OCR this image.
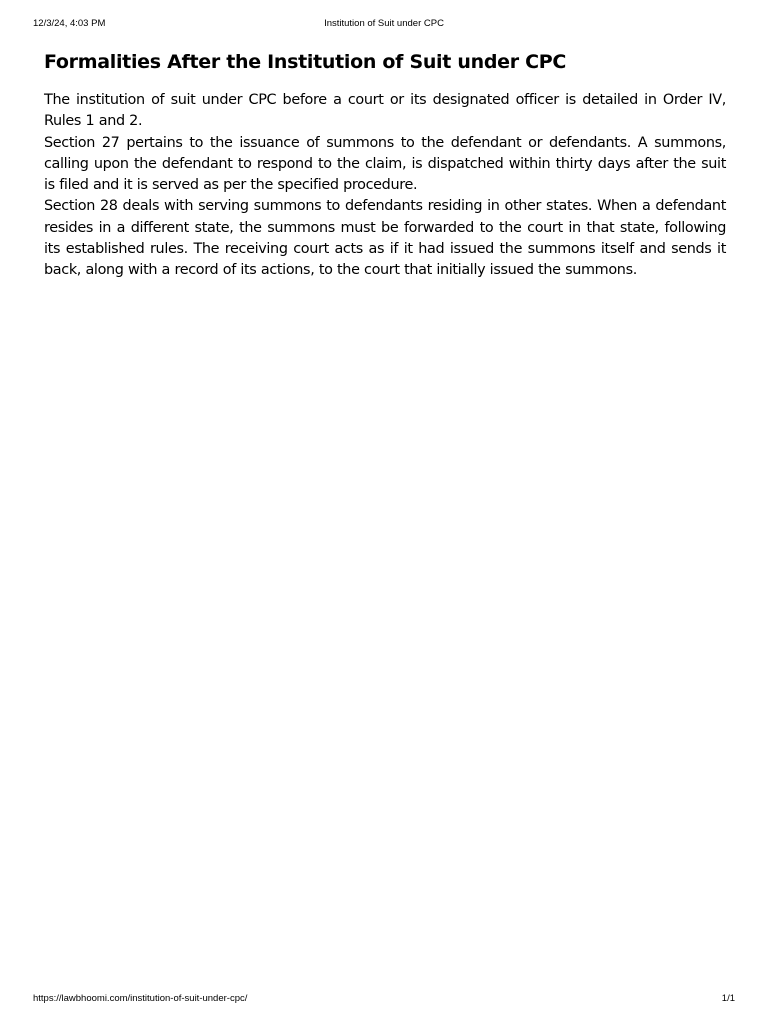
12/3/24, 4:03 PM	Institution of Suit under CPC
Formalities After the Institution of Suit under CPC

The institution of suit under CPC before a court or its designated officer is detailed in Order IV, Rules 1 and 2.

Section 27 pertains to the issuance of summons to the defendant or defendants. A summons, calling upon the defendant to respond to the claim, is dispatched within thirty days after the suit is filed and it is served as per the specified procedure.

Section 28 deals with serving summons to defendants residing in other states. When a defendant resides in a different state, the summons must be forwarded to the court in that state, following its established rules. The receiving court acts as if it had issued the summons itself and sends it back, along with a record of its actions, to the court that initially issued the summons.

https://lawbhoomi.com/institution-of-suit-under-cpc/	1/1
